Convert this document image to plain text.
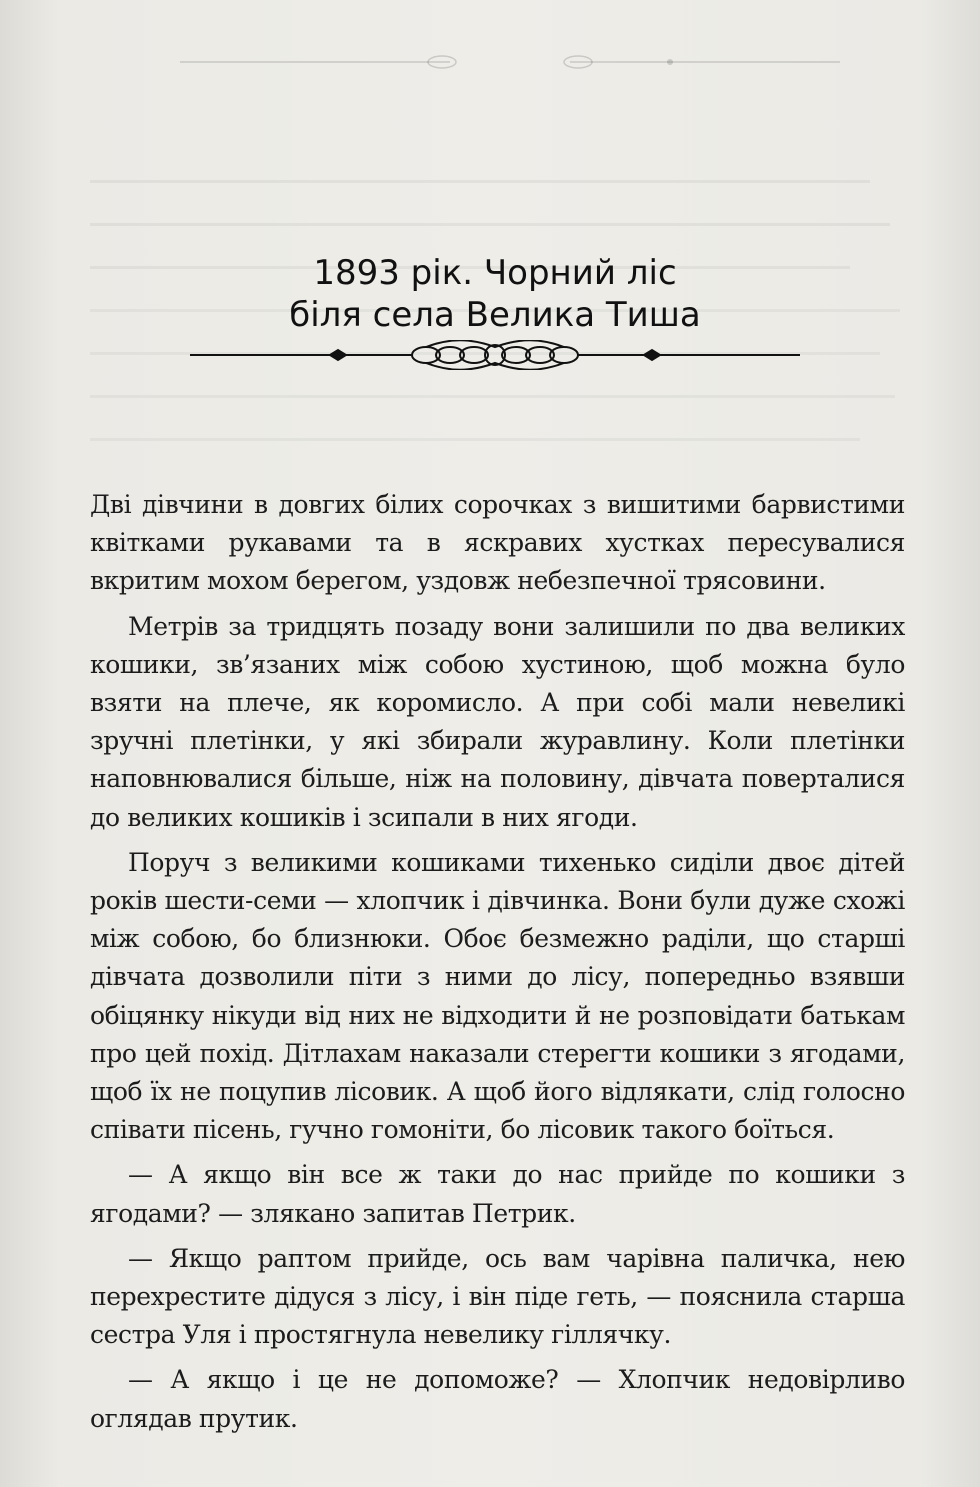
1893 рік. Чорний ліс
біля села Велика Тиша

Дві дівчини в довгих білих сорочках з вишитими барвистими квітками рукавами та в яскравих хустках пересувалися вкритим мохом берегом, уздовж небезпечної трясовини.

Метрів за тридцять позаду вони залишили по два великих кошики, зв’язаних між собою хустиною, щоб можна було взяти на плече, як коромисло. А при собі мали невеликі зручні плетінки, у які збирали журавлину. Коли плетінки наповнювалися більше, ніж на половину, дівчата поверталися до великих кошиків і зсипали в них ягоди.

Поруч з великими кошиками тихенько сиділи двоє дітей років шести-семи — хлопчик і дівчинка. Вони були дуже схожі між собою, бо близнюки. Обоє безмежно раділи, що старші дівчата дозволили піти з ними до лісу, попередньо взявши обіцянку нікуди від них не відходити й не розповідати батькам про цей похід. Дітлахам наказали стерегти кошики з ягодами, щоб їх не поцупив лісовик. А щоб його відлякати, слід голосно співати пісень, гучно гомоніти, бо лісовик такого боїться.

— А якщо він все ж таки до нас прийде по кошики з ягодами? — злякано запитав Петрик.

— Якщо раптом прийде, ось вам чарівна паличка, нею перехрестите дідуся з лісу, і він піде геть, — пояснила старша сестра Уля і простягнула невелику гіллячку.

— А якщо і це не допоможе? — Хлопчик недовірливо оглядав прутик.
